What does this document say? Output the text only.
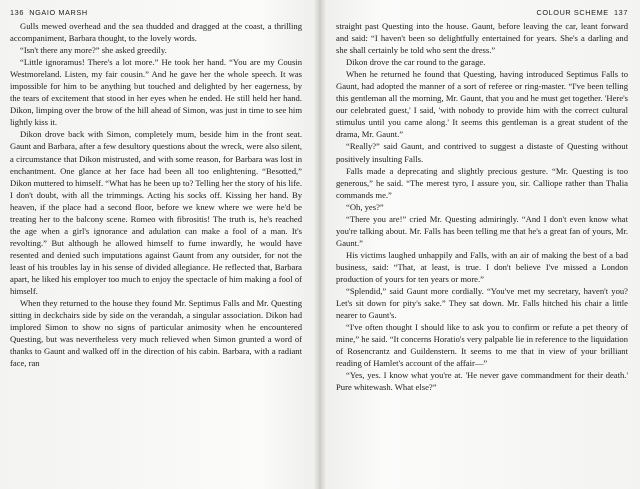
136 NGAIO MARSH

Gulls mewed overhead and the sea thudded and dragged at the coast, a thrilling accompaniment, Barbara thought, to the lovely words.

“Isn't there any more?” she asked greedily.

“Little ignoramus! There's a lot more.” He took her hand. “You are my Cousin Westmoreland. Listen, my fair cousin.” And he gave her the whole speech. It was impossible for him to be anything but touched and delighted by her eagerness, by the tears of excitement that stood in her eyes when he ended. He still held her hand. Dikon, limping over the brow of the hill ahead of Simon, was just in time to see him lightly kiss it.

Dikon drove back with Simon, completely mum, beside him in the front seat. Gaunt and Barbara, after a few desultory questions about the wreck, were also silent, a circumstance that Dikon mistrusted, and with some reason, for Barbara was lost in enchantment. One glance at her face had been all too enlightening. “Besotted,” Dikon muttered to himself. “What has he been up to? Telling her the story of his life. I don't doubt, with all the trimmings. Acting his socks off. Kissing her hand. By heaven, if the place had a second floor, before we knew where we were he'd be treating her to the balcony scene. Romeo with fibrositis! The truth is, he's reached the age when a girl's ignorance and adulation can make a fool of a man. It's revolting.” But although he allowed himself to fume inwardly, he would have resented and denied such imputations against Gaunt from any outsider, for not the least of his troubles lay in his sense of divided allegiance. He reflected that, Barbara apart, he liked his employer too much to enjoy the spectacle of him making a fool of himself.

When they returned to the house they found Mr. Septimus Falls and Mr. Questing sitting in deckchairs side by side on the verandah, a singular association. Dikon had implored Simon to show no signs of particular animosity when he encountered Questing, but was nevertheless very much relieved when Simon grunted a word of thanks to Gaunt and walked off in the direction of his cabin. Barbara, with a radiant face, ran

COLOUR SCHEME 137

straight past Questing into the house. Gaunt, before leaving the car, leant forward and said: “I haven't been so delightfully entertained for years. She's a darling and she shall certainly be told who sent the dress.”

Dikon drove the car round to the garage.

When he returned he found that Questing, having introduced Septimus Falls to Gaunt, had adopted the manner of a sort of referee or ring-master. “I've been telling this gentleman all the morning, Mr. Gaunt, that you and he must get together. 'Here's our celebrated guest,' I said, 'with nobody to provide him with the correct cultural stimulus until you came along.' It seems this gentleman is a great student of the drama, Mr. Gaunt.”

“Really?” said Gaunt, and contrived to suggest a distaste of Questing without positively insulting Falls.

Falls made a deprecating and slightly precious gesture. “Mr. Questing is too generous,” he said. “The merest tyro, I assure you, sir. Calliope rather than Thalia commands me.”

“Oh, yes?”

“There you are!” cried Mr. Questing admiringly. “And I don't even know what you're talking about. Mr. Falls has been telling me that he's a great fan of yours, Mr. Gaunt.”

His victims laughed unhappily and Falls, with an air of making the best of a bad business, said: “That, at least, is true. I don't believe I've missed a London production of yours for ten years or more.”

“Splendid,” said Gaunt more cordially. “You've met my secretary, haven't you? Let's sit down for pity's sake.” They sat down. Mr. Falls hitched his chair a little nearer to Gaunt's.

“I've often thought I should like to ask you to confirm or refute a pet theory of mine,” he said. “It concerns Horatio's very palpable lie in reference to the liquidation of Rosencrantz and Guildenstern. It seems to me that in view of your brilliant reading of Hamlet's account of the affair—”

“Yes, yes. I know what you're at. 'He never gave commandment for their death.' Pure whitewash. What else?”
